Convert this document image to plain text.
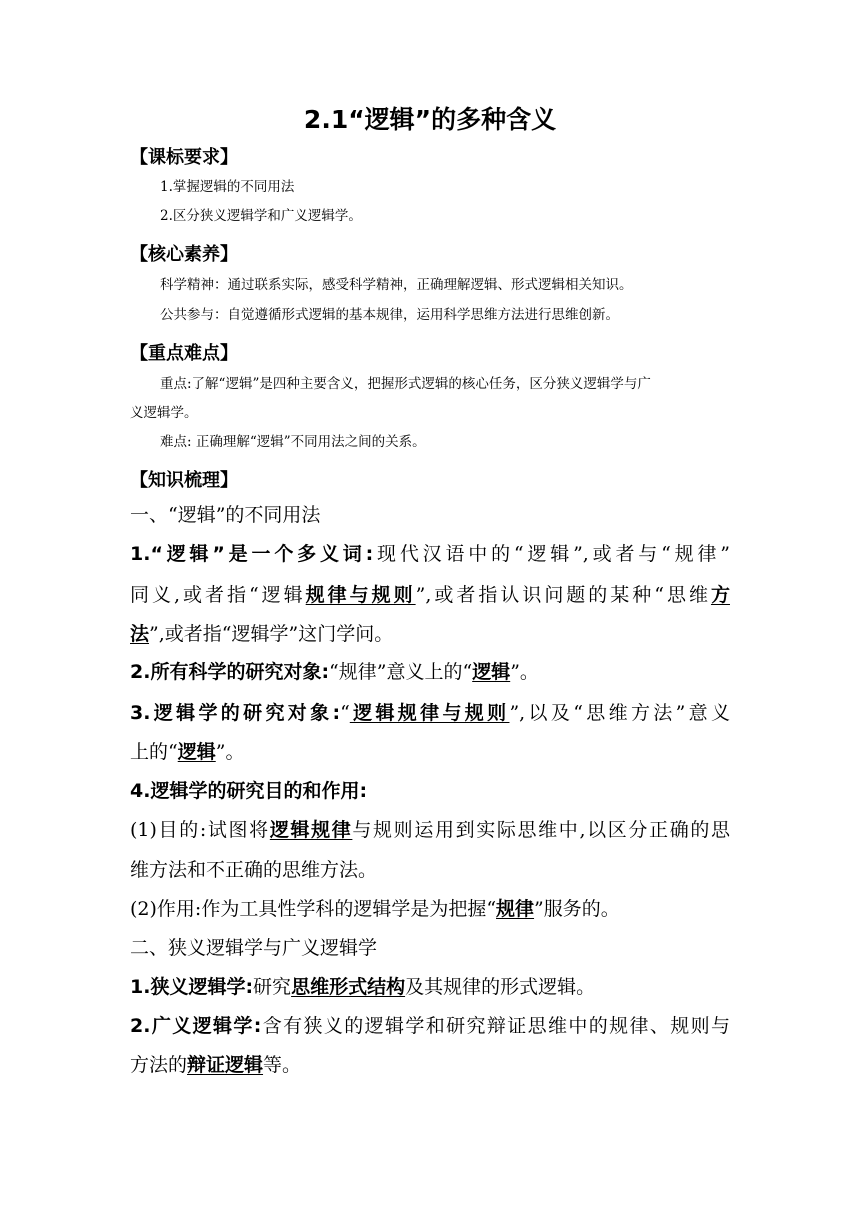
2.1“逻辑”的多种含义
【课标要求】
1.掌握逻辑的不同用法
2.区分狭义逻辑学和广义逻辑学。
【核心素养】
科学精神：通过联系实际，感受科学精神，正确理解逻辑、形式逻辑相关知识。
公共参与：自觉遵循形式逻辑的基本规律，运用科学思维方法进行思维创新。
【重点难点】
重点:了解“逻辑”是四种主要含义，把握形式逻辑的核心任务，区分狭义逻辑学与广
义逻辑学。
难点: 正确理解“逻辑”不同用法之间的关系。
【知识梳理】
一、“逻辑”的不同用法
1.“逻辑”是一个多义词:现代汉语中的“逻辑”,或者与“规律”
同义,或者指“逻辑规律与规则”,或者指认识问题的某种“思维方
法”,或者指“逻辑学”这门学问。
2.所有科学的研究对象:“规律”意义上的“逻辑”。
3.逻辑学的研究对象:“逻辑规律与规则”,以及“思维方法”意义
上的“逻辑”。
4.逻辑学的研究目的和作用:
(1)目的:试图将逻辑规律与规则运用到实际思维中,以区分正确的思
维方法和不正确的思维方法。
(2)作用:作为工具性学科的逻辑学是为把握“规律”服务的。
二、狭义逻辑学与广义逻辑学
1.狭义逻辑学:研究思维形式结构及其规律的形式逻辑。
2.广义逻辑学:含有狭义的逻辑学和研究辩证思维中的规律、规则与
方法的辩证逻辑等。
